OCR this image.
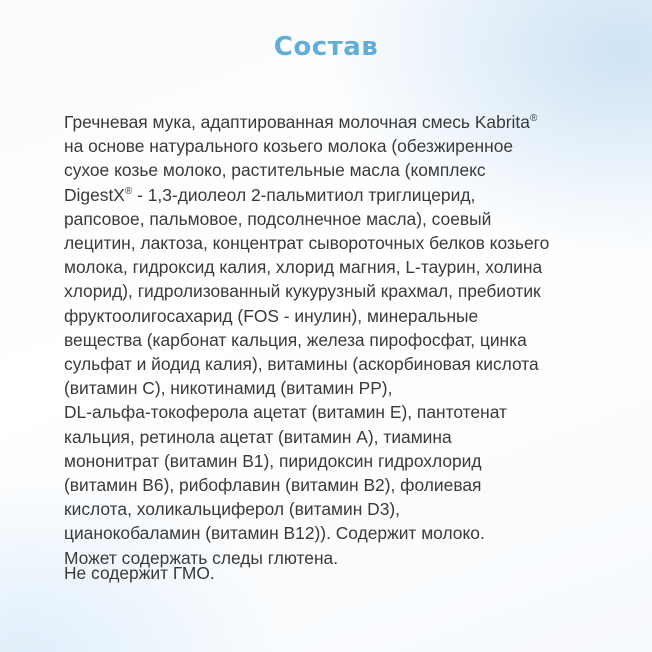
Состав

Гречневая мука, адаптированная молочная смесь Kabrita®
на основе натурального козьего молока (обезжиренное
сухое козье молоко, растительные масла (комплекс
DigestX® - 1,3-диолеол 2-пальмитиол триглицерид,
рапсовое, пальмовое, подсолнечное масла), соевый
лецитин, лактоза, концентрат сывороточных белков козьего
молока, гидроксид калия, хлорид магния, L-таурин, холина
хлорид), гидролизованный кукурузный крахмал, пребиотик
фруктоолигосахарид (FOS - инулин), минеральные
вещества (карбонат кальция, железа пирофосфат, цинка
сульфат и йодид калия), витамины (аскорбиновая кислота
(витамин С), никотинамид (витамин PP),
DL-альфа-токоферола ацетат (витамин Е), пантотенат
кальция, ретинола ацетат (витамин А), тиамина
мононитрат (витамин В1), пиридоксин гидрохлорид
(витамин В6), рибофлавин (витамин В2), фолиевая
кислота, холикальциферол (витамин D3),
цианокобаламин (витамин В12)). Содержит молоко.
Может содержать следы глютена.

Не содержит ГМО.
